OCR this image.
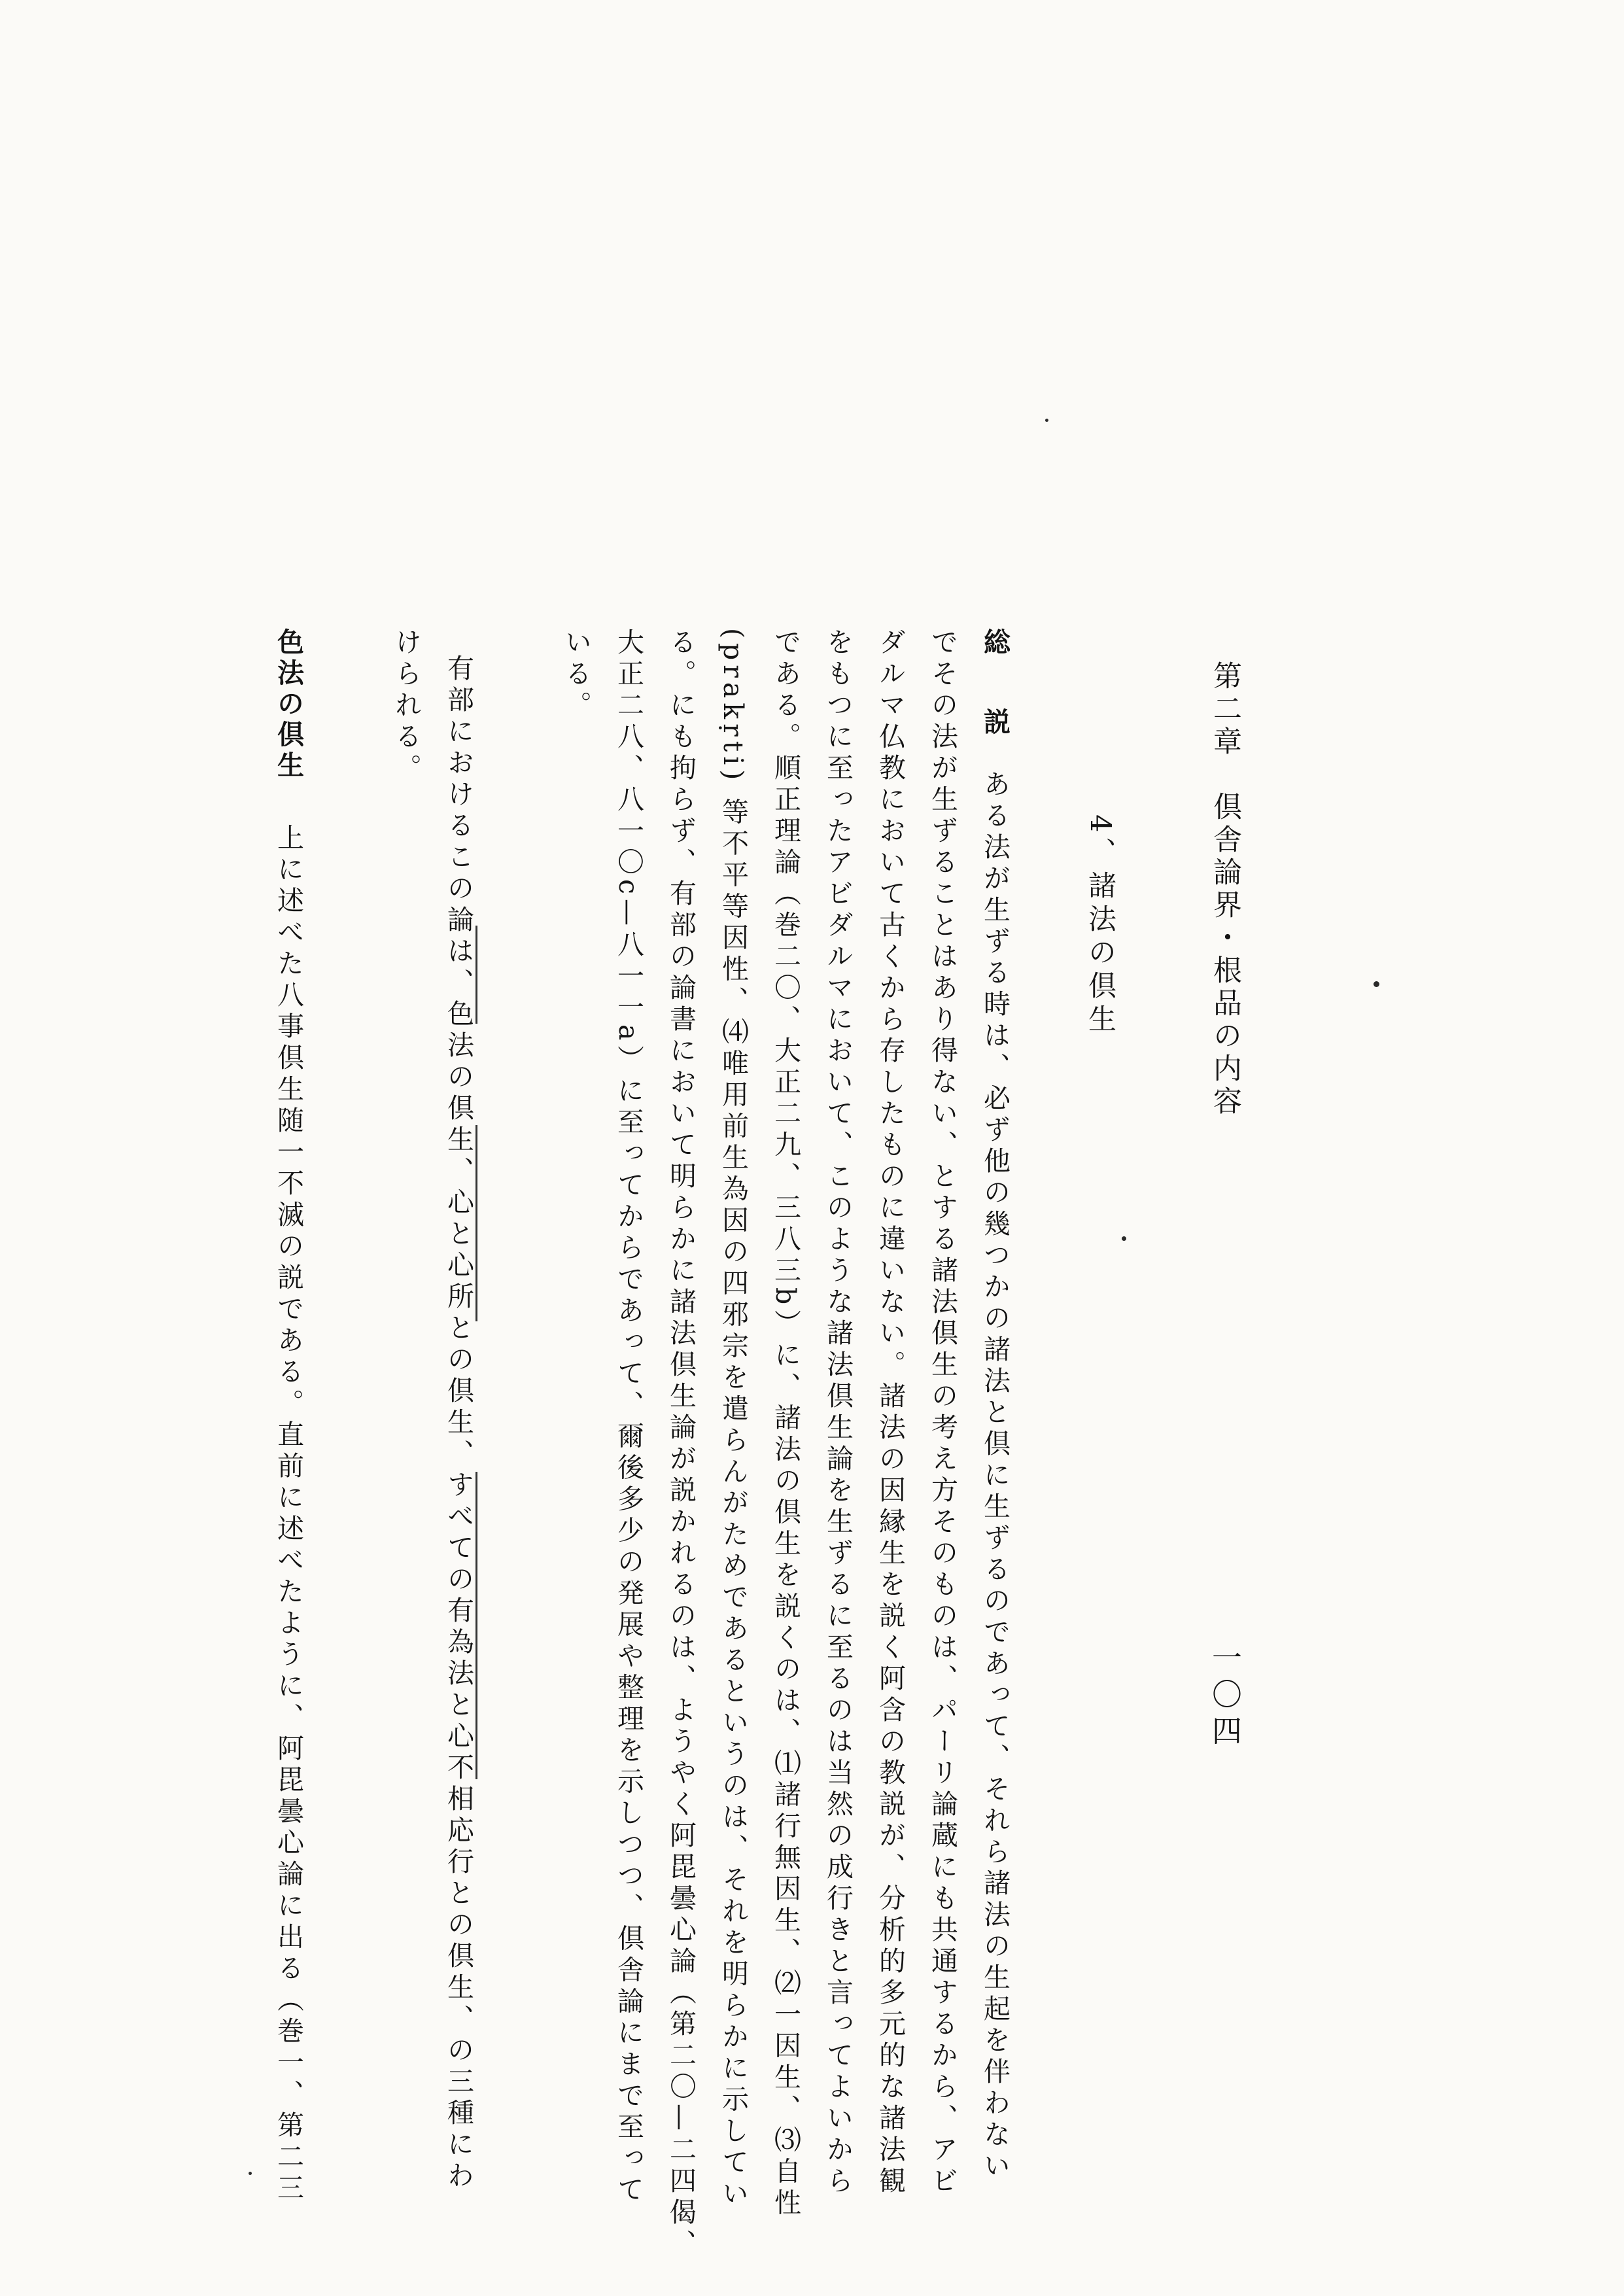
第二章　倶舎論界・根品の内容
一〇四
4、諸法の倶生
総　説ある法が生ずる時は、必ず他の幾つかの諸法と倶に生ずるのであって、それら諸法の生起を伴わない
でその法が生ずることはあり得ない、とする諸法倶生の考え方そのものは、パーリ論蔵にも共通するから、アビ
ダルマ仏教において古くから存したものに違いない。諸法の因縁生を説く阿含の教説が、分析的多元的な諸法観
をもつに至ったアビダルマにおいて、このような諸法倶生論を生ずるに至るのは当然の成行きと言ってよいから
である。順正理論（巻二〇、大正二九、三八三b）に、諸法の倶生を説くのは、⑴諸行無因生、⑵一因生、⑶自性
(prakṛti) 等不平等因性、⑷唯用前生為因の四邪宗を遣らんがためであるというのは、それを明らかに示してい
る。にも拘らず、有部の論書において明らかに諸法倶生論が説かれるのは、ようやく阿毘曇心論（第二〇—二四偈、
大正二八、八一〇c—八一一a）に至ってからであって、爾後多少の発展や整理を示しつつ、倶舎論にまで至って
いる。
有部におけるこの論は、色法の倶生、心と心所との倶生、すべての有為法と心不相応行との倶生、の三種にわ
けられる。
色法の倶生上に述べた八事倶生随一不滅の説である。直前に述べたように、阿毘曇心論に出る（巻一、第二三
